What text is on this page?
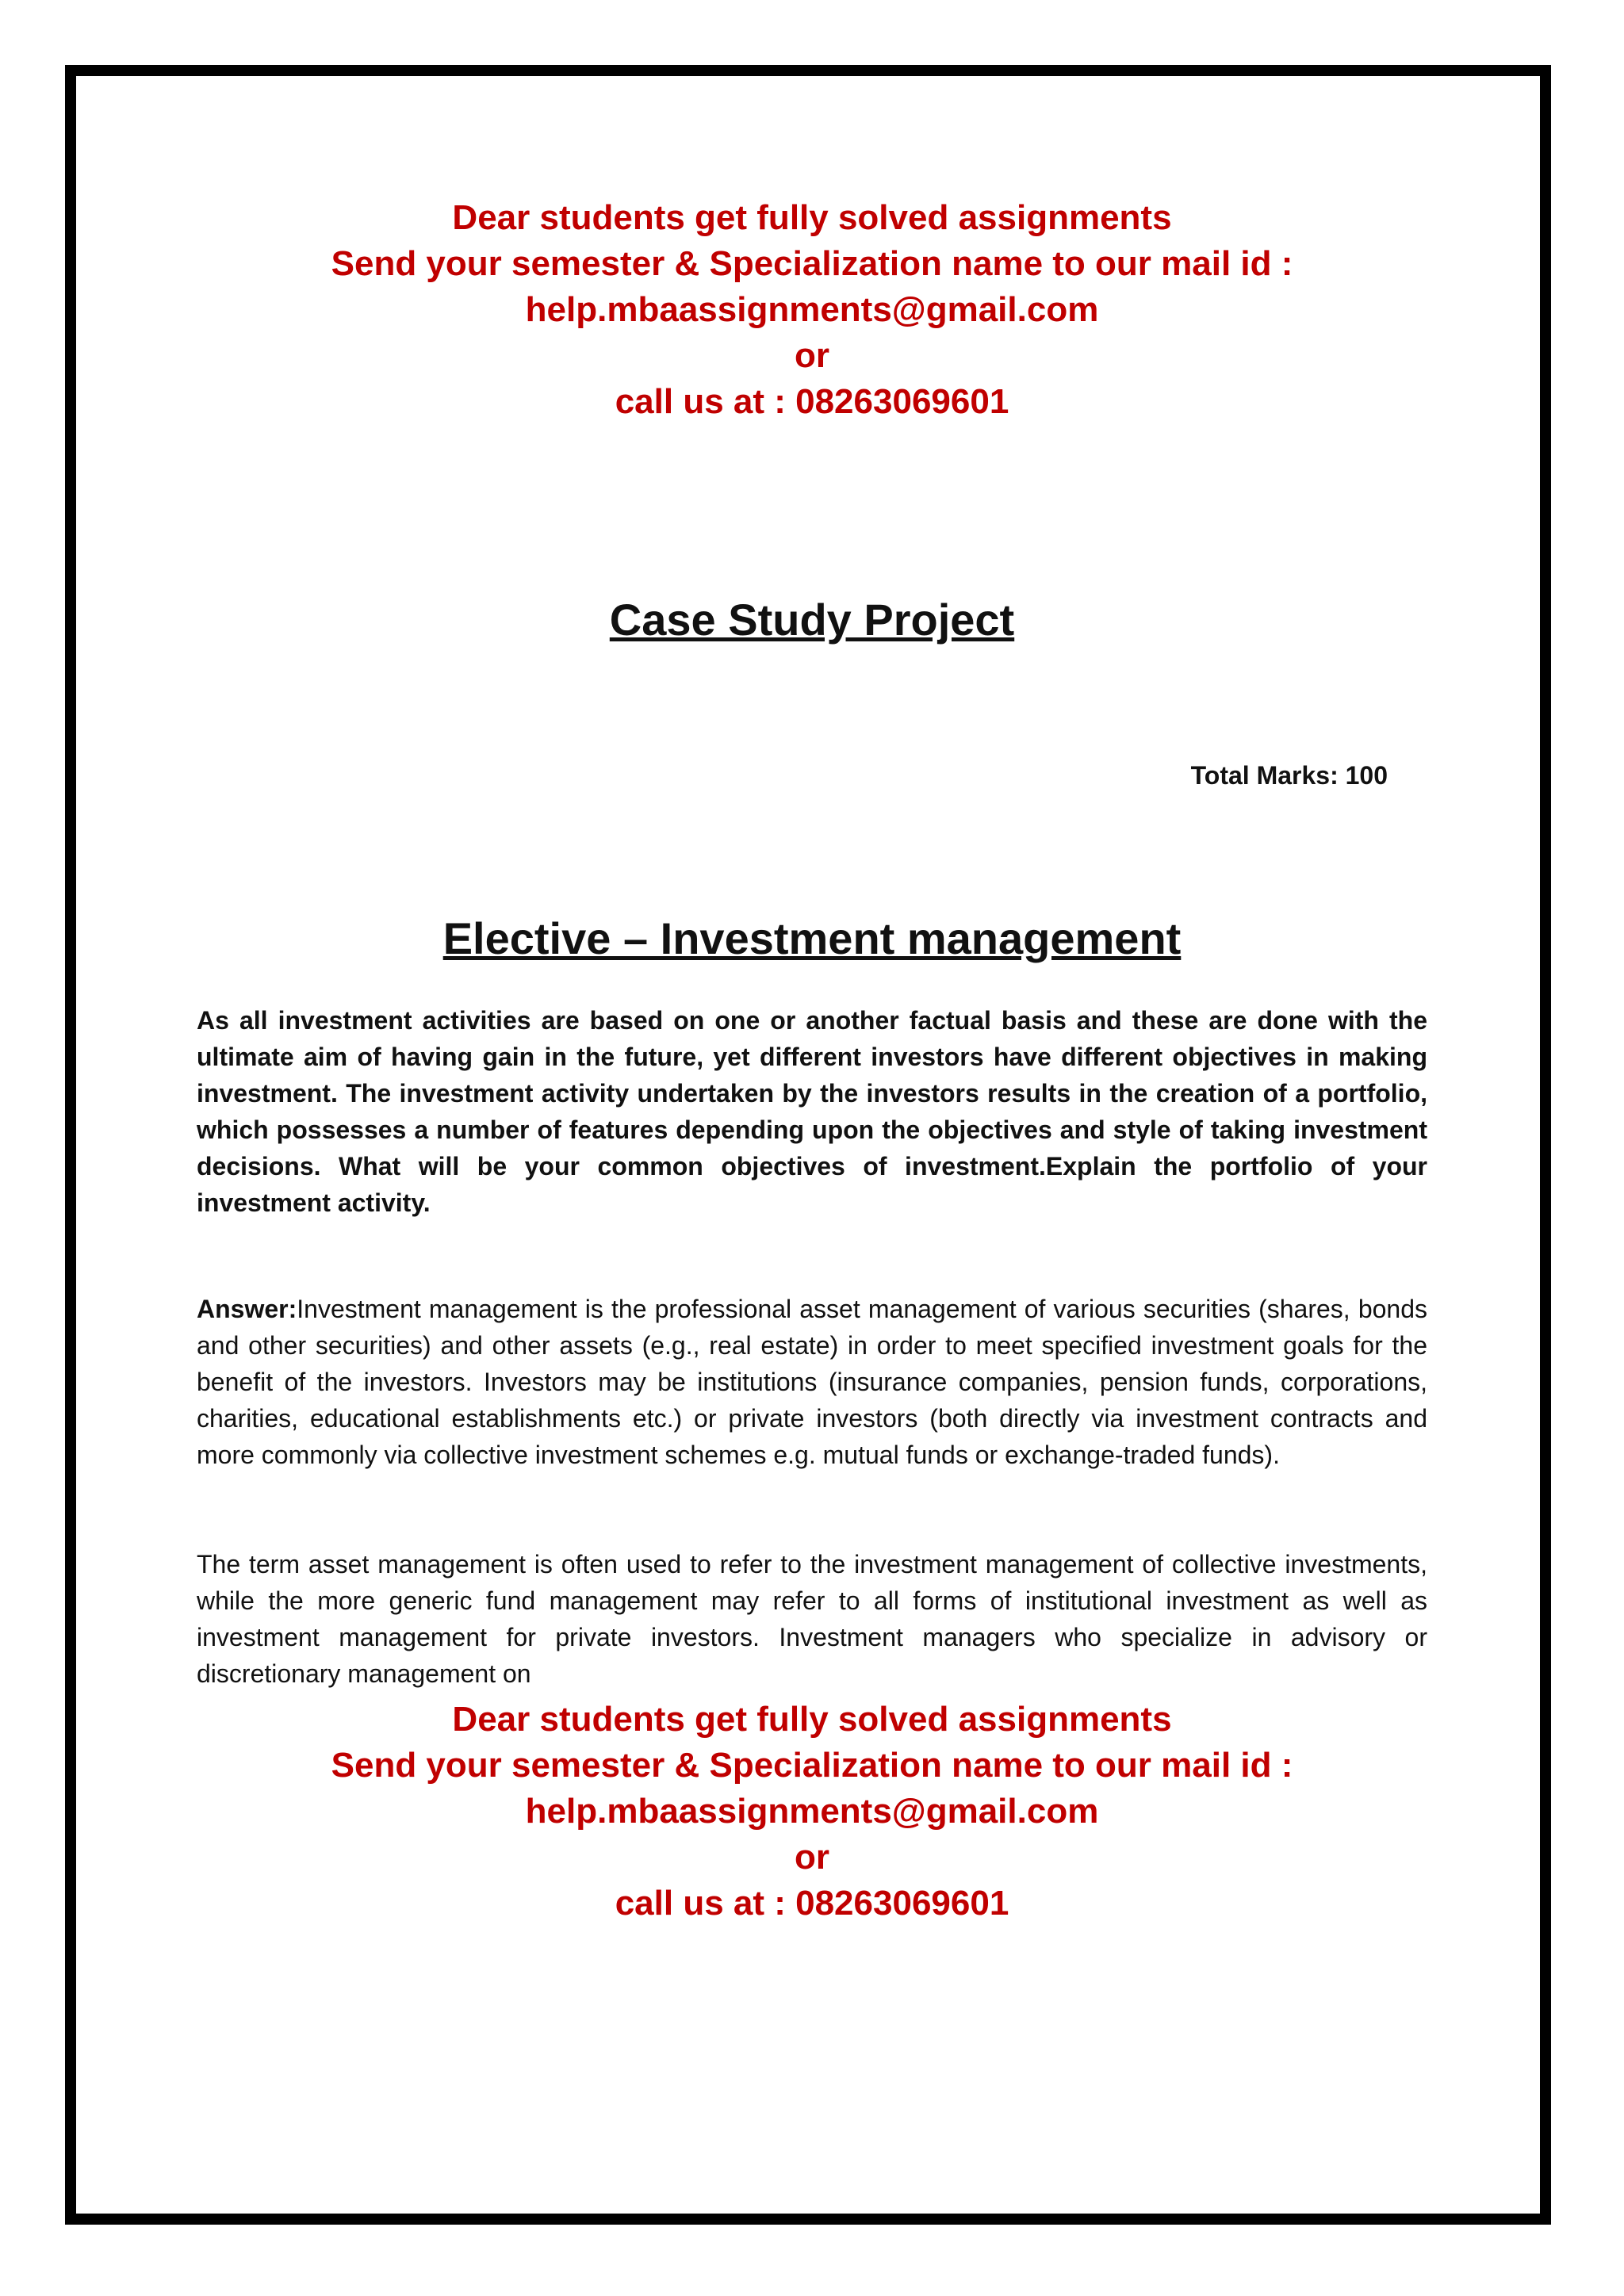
Dear students get fully solved assignments
Send your semester & Specialization name to our mail id :
help.mbaassignments@gmail.com
or
call us at : 08263069601
Case Study Project
Total Marks: 100
Elective – Investment management
As all investment activities are based on one or another factual basis and these are done with the ultimate aim of having gain in the future, yet different investors have different objectives in making investment. The investment activity undertaken by the investors results in the creation of a portfolio, which possesses a number of features depending upon the objectives and style of taking investment decisions. What will be your common objectives of investment.Explain the portfolio of your investment activity.
Answer:Investment management is the professional asset management of various securities (shares, bonds and other securities) and other assets (e.g., real estate) in order to meet specified investment goals for the benefit of the investors. Investors may be institutions (insurance companies, pension funds, corporations, charities, educational establishments etc.) or private investors (both directly via investment contracts and more commonly via collective investment schemes e.g. mutual funds or exchange-traded funds).
The term asset management is often used to refer to the investment management of collective investments, while the more generic fund management may refer to all forms of institutional investment as well as investment management for private investors. Investment managers who specialize in advisory or discretionary management on
Dear students get fully solved assignments
Send your semester & Specialization name to our mail id :
help.mbaassignments@gmail.com
or
call us at : 08263069601
